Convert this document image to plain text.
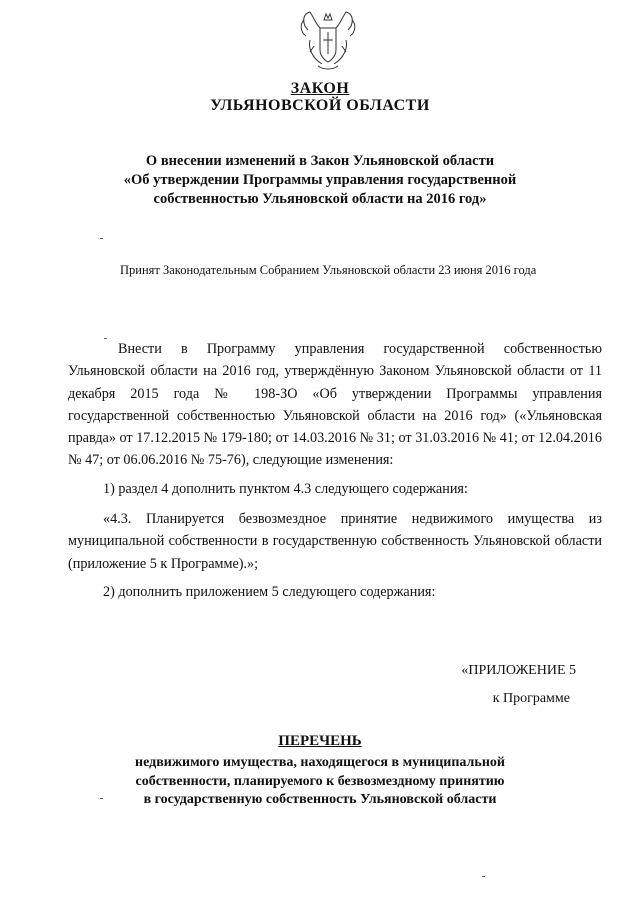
ЗАКОН
УЛЬЯНОВСКОЙ ОБЛАСТИ
О внесении изменений в Закон Ульяновской области
«Об утверждении Программы управления государственной
собственностью Ульяновской области на 2016 год»
Принят Законодательным Собранием Ульяновской области 23 июня 2016 года

Внести в Программу управления государственной собственностью Ульяновской области на 2016 год, утверждённую Законом Ульяновской области от 11 декабря 2015 года № 198-ЗО «Об утверждении Программы управления государственной собственностью Ульяновской области на 2016 год» («Ульяновская правда» от 17.12.2015 № 179-180; от 14.03.2016 № 31; от 31.03.2016 № 41; от 12.04.2016 № 47; от 06.06.2016 № 75-76), следующие изменения:

1) раздел 4 дополнить пунктом 4.3 следующего содержания:

«4.3. Планируется безвозмездное принятие недвижимого имущества из муниципальной собственности в государственную собственность Ульяновской области (приложение 5 к Программе).»;

2) дополнить приложением 5 следующего содержания:

«ПРИЛОЖЕНИЕ 5
к Программе
ПЕРЕЧЕНЬ
недвижимого имущества, находящегося в муниципальной
собственности, планируемого к безвозмездному принятию
в государственную собственность Ульяновской области
